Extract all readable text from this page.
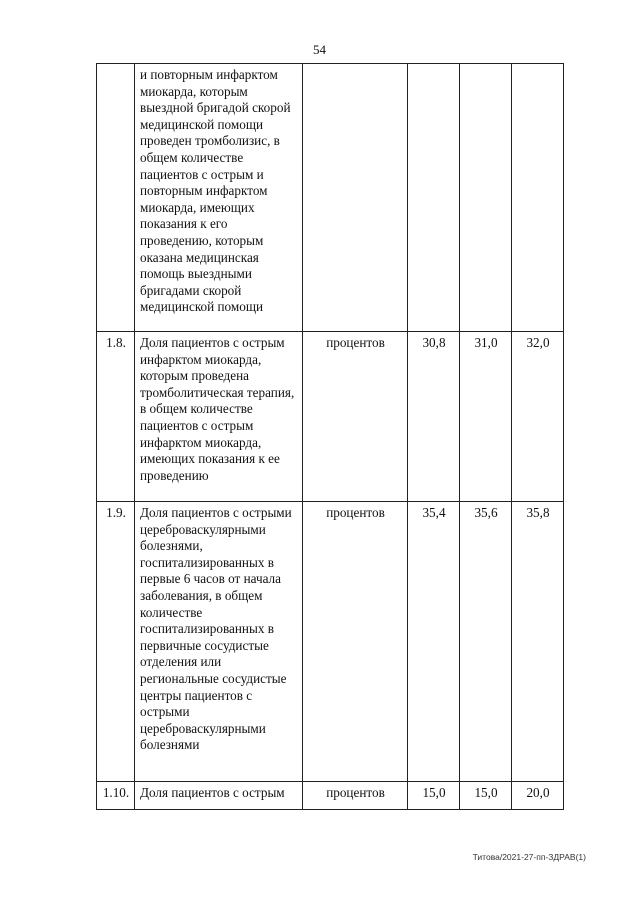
54
	и повторным инфарктом миокарда, которым выездной бригадой скорой медицинской помощи проведен тромболизис, в общем количестве пациентов с острым и повторным инфарктом миокарда, имеющих показания к его проведению, которым оказана медицинская помощь выездными бригадами скорой медицинской помощи				
1.8.	Доля пациентов с острым инфарктом миокарда, которым проведена тромболитическая терапия, в общем количестве пациентов с острым инфарктом миокарда, имеющих показания к ее проведению	процентов	30,8	31,0	32,0
1.9.	Доля пациентов с острыми цереброваскулярными болезнями, госпитализированных в первые 6 часов от начала заболевания, в общем количестве госпитализированных в первичные сосудистые отделения или региональные сосудистые центры пациентов с острыми цереброваскулярными болезнями	процентов	35,4	35,6	35,8
1.10.	Доля пациентов с острым	процентов	15,0	15,0	20,0
Титова/2021-27-пп-ЗДРАВ(1)
